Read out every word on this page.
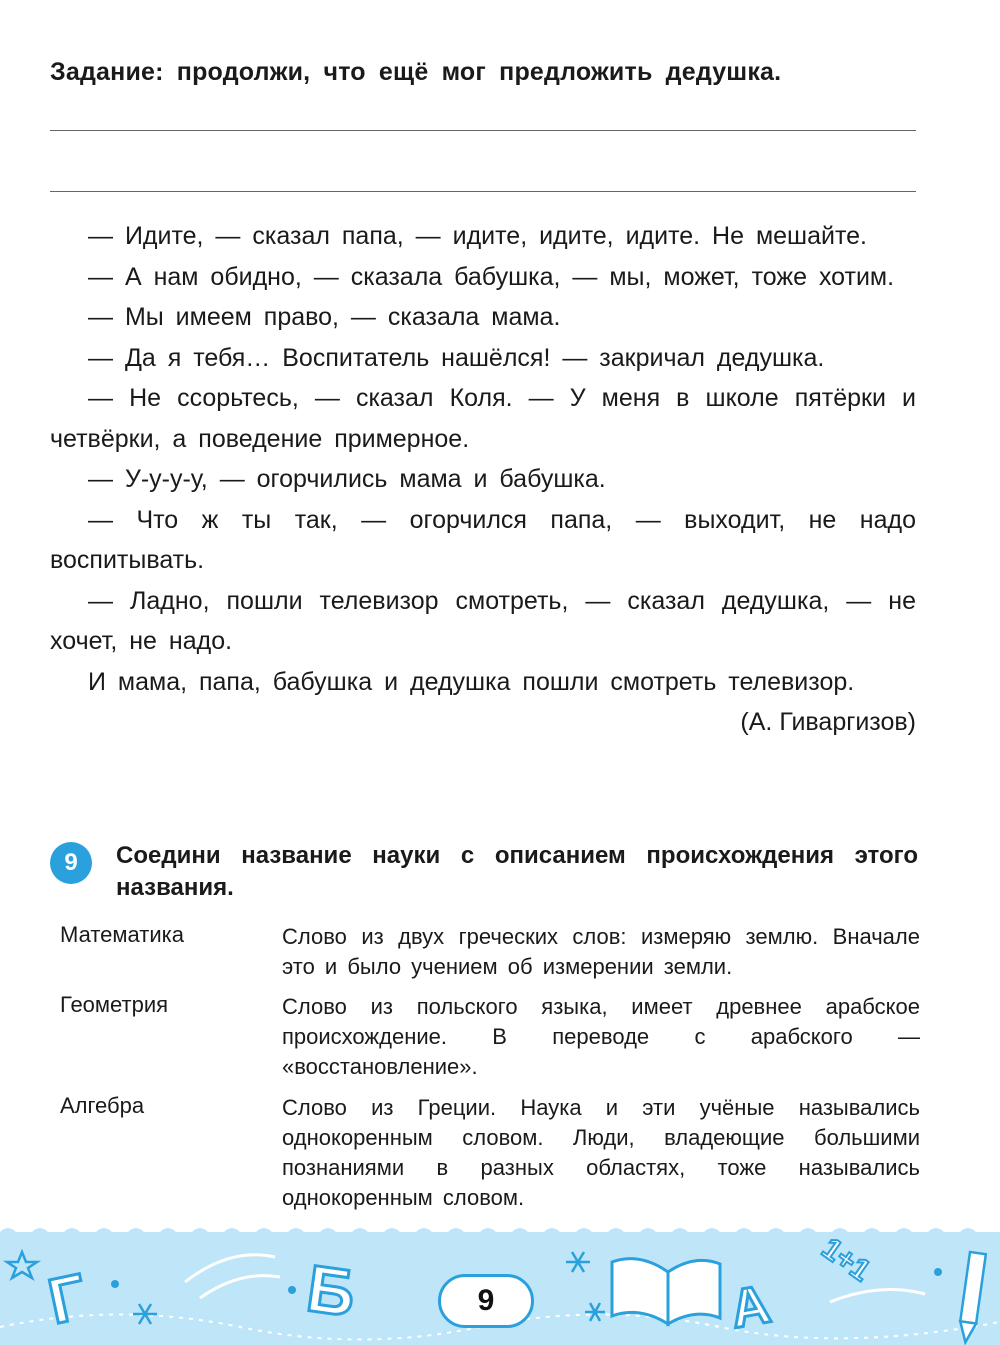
Задание: продолжи, что ещё мог предложить дедушка.

— Идите, — сказал папа, — идите, идите, идите. Не мешайте.

— А нам обидно, — сказала бабушка, — мы, может, тоже хотим.

— Мы имеем право, — сказала мама.

— Да я тебя… Воспитатель нашёлся! — закричал дедушка.

— Не ссорьтесь, — сказал Коля. — У меня в школе пятёрки и четвёрки, а поведение примерное.

— У-у-у-у, — огорчились мама и бабушка.

— Что ж ты так, — огорчился папа, — выходит, не надо воспитывать.

— Ладно, пошли телевизор смотреть, — сказал дедушка, — не хочет, не надо.

И мама, папа, бабушка и дедушка пошли смотреть телевизор.

(А. Гиваргизов)

9	Соедини название науки с описанием происхождения этого названия.
Математика	Слово из двух греческих слов: измеряю землю. Вначале это и было учением об измерении земли.
Геометрия	Слово из польского языка, имеет древнее арабское происхождение. В переводе с арабского — «восстановление».
Алгебра	Слово из Греции. Наука и эти учёные назывались однокоренным словом. Люди, владеющие большими познаниями в разных областях, тоже назывались однокоренным словом.
Г	Б	А
1+1
9
